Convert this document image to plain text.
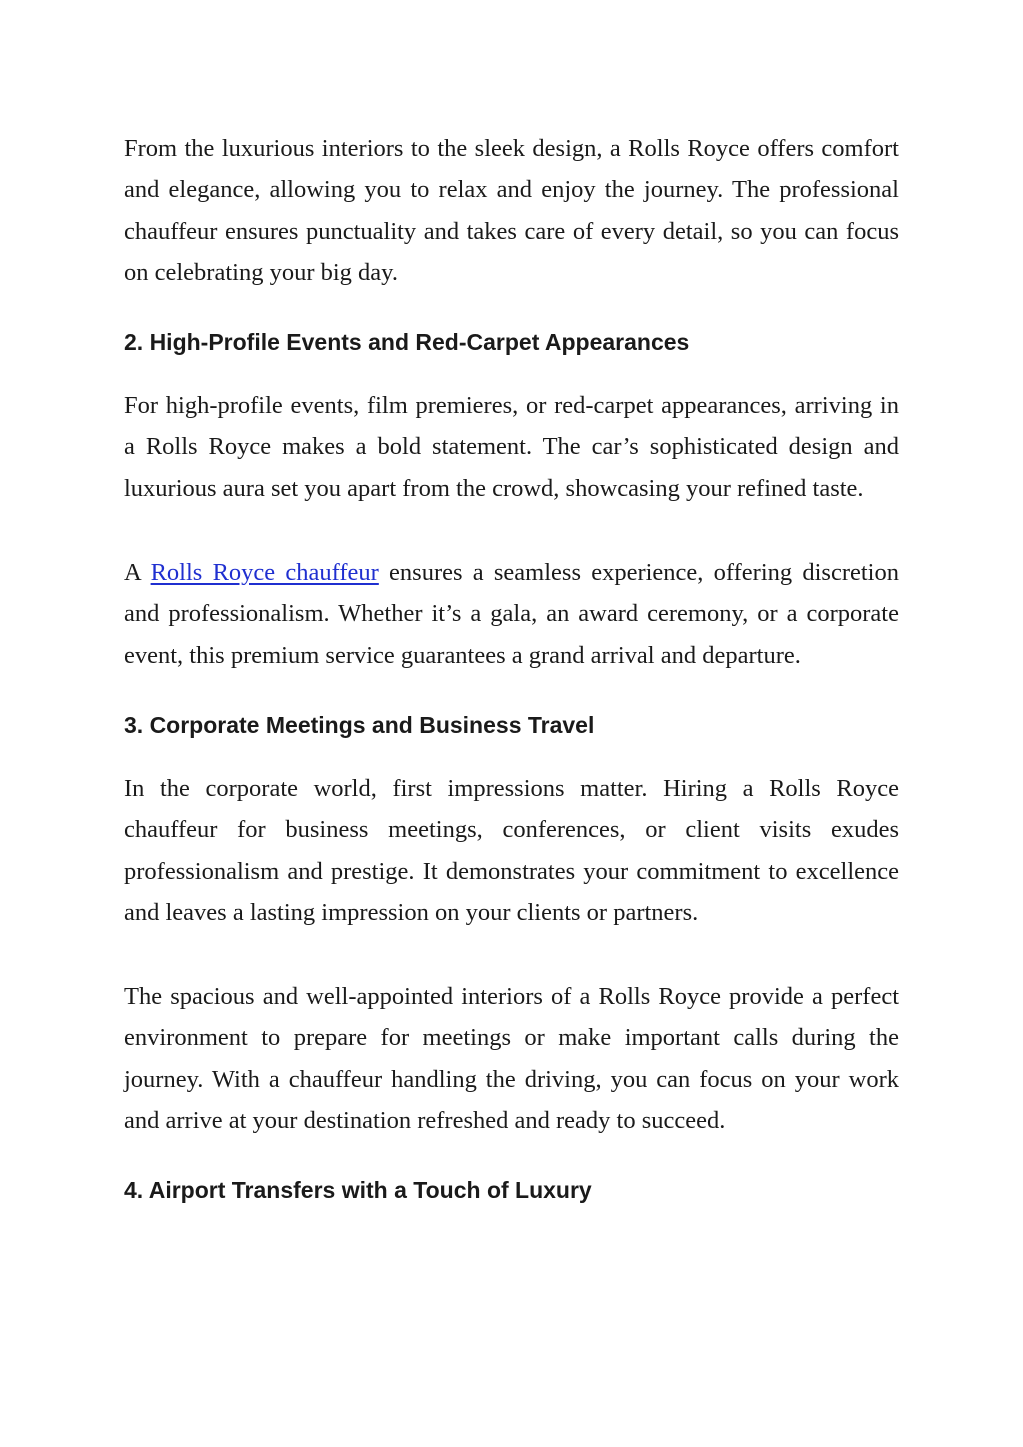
From the luxurious interiors to the sleek design, a Rolls Royce offers comfort and elegance, allowing you to relax and enjoy the journey. The professional chauffeur ensures punctuality and takes care of every detail, so you can focus on celebrating your big day.

2. High-Profile Events and Red-Carpet Appearances

For high-profile events, film premieres, or red-carpet appearances, arriving in a Rolls Royce makes a bold statement. The car’s sophisticated design and luxurious aura set you apart from the crowd, showcasing your refined taste.

A Rolls Royce chauffeur ensures a seamless experience, offering discretion and professionalism. Whether it’s a gala, an award ceremony, or a corporate event, this premium service guarantees a grand arrival and departure.

3. Corporate Meetings and Business Travel

In the corporate world, first impressions matter. Hiring a Rolls Royce chauffeur for business meetings, conferences, or client visits exudes professionalism and prestige. It demonstrates your commitment to excellence and leaves a lasting impression on your clients or partners.

The spacious and well-appointed interiors of a Rolls Royce provide a perfect environment to prepare for meetings or make important calls during the journey. With a chauffeur handling the driving, you can focus on your work and arrive at your destination refreshed and ready to succeed.

4. Airport Transfers with a Touch of Luxury
